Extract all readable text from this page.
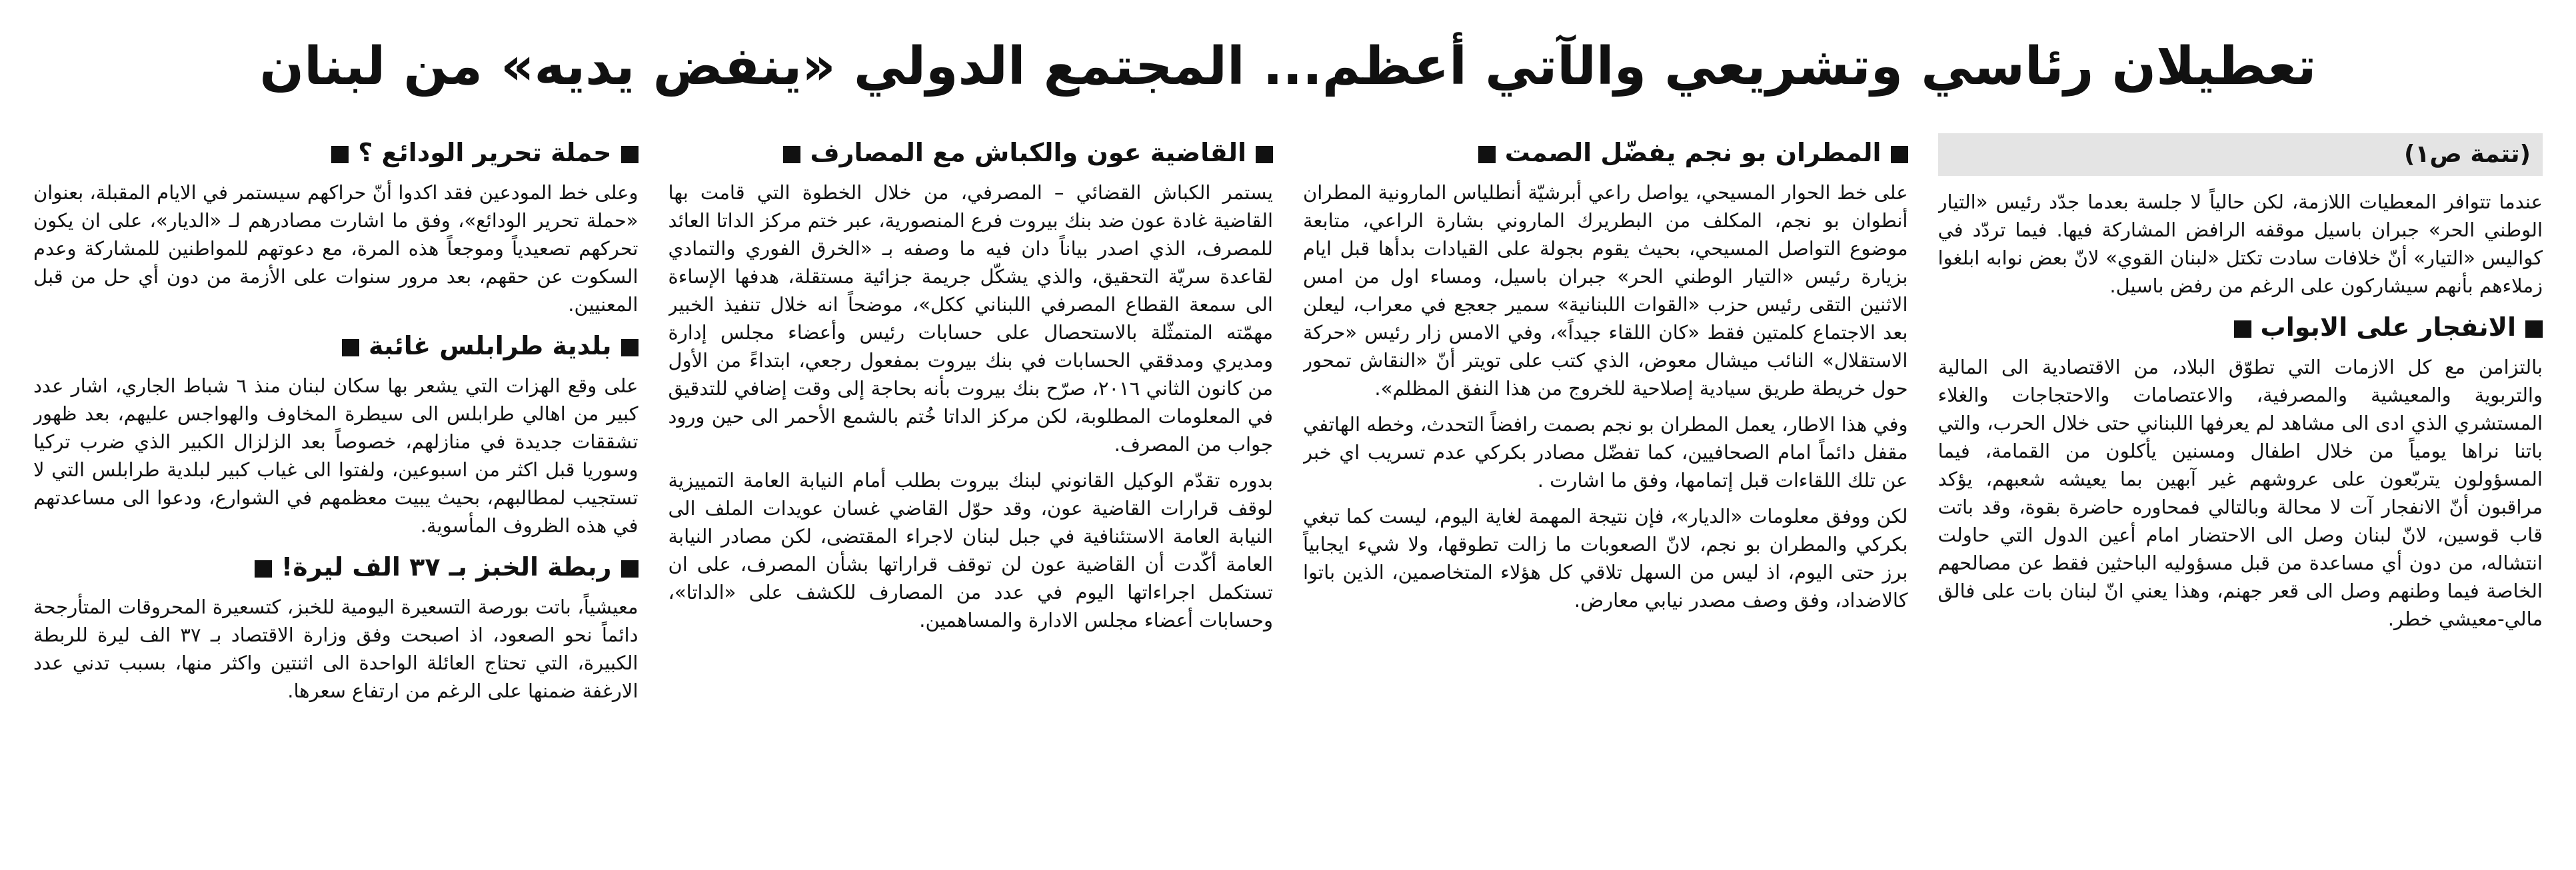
تعطيلان رئاسي وتشريعي والآتي أعظم... المجتمع الدولي «ينفض يديه» من لبنان
(تتمة ص١)

عندما تتوافر المعطيات اللازمة، لكن حالياً لا جلسة بعدما جدّد رئيس «التيار الوطني الحر» جبران باسيل موقفه الرافض المشاركة فيها. فيما تردّد في كواليس «التيار» أنّ خلافات سادت تكتل «لبنان القوي» لانّ بعض نوابه ابلغوا زملاءهم بأنهم سيشاركون على الرغم من رفض باسيل.

الانفجار على الابواب

بالتزامن مع كل الازمات التي تطوّق البلاد، من الاقتصادية الى المالية والتربوية والمعيشية والمصرفية، والاعتصامات والاحتجاجات والغلاء المستشري الذي ادى الى مشاهد لم يعرفها اللبناني حتى خلال الحرب، والتي باتنا نراها يومياً من خلال اطفال ومسنين يأكلون من القمامة، فيما المسؤولون يتربّعون على عروشهم غير آبهين بما يعيشه شعبهم، يؤكد مراقبون أنّ الانفجار آت لا محالة وبالتالي فمحاوره حاضرة بقوة، وقد باتت قاب قوسين، لانّ لبنان وصل الى الاحتضار امام أعين الدول التي حاولت انتشاله، من دون أي مساعدة من قبل مسؤوليه الباحثين فقط عن مصالحهم الخاصة فيما وطنهم وصل الى قعر جهنم، وهذا يعني انّ لبنان بات على فالق مالي-معيشي خطر.

المطران بو نجم يفضّل الصمت

على خط الحوار المسيحي، يواصل راعي أبرشيّة أنطلياس المارونية المطران أنطوان بو نجم، المكلف من البطريرك الماروني بشارة الراعي، متابعة موضوع التواصل المسيحي، بحيث يقوم بجولة على القيادات بدأها قبل ايام بزيارة رئيس «التيار الوطني الحر» جبران باسيل، ومساء اول من امس الاثنين التقى رئيس حزب «القوات اللبنانية» سمير جعجع في معراب، ليعلن بعد الاجتماع كلمتين فقط «كان اللقاء جيداً»، وفي الامس زار رئيس «حركة الاستقلال» النائب ميشال معوض، الذي كتب على تويتر أنّ «النقاش تمحور حول خريطة طريق سيادية إصلاحية للخروج من هذا النفق المظلم».

وفي هذا الاطار، يعمل المطران بو نجم بصمت رافضاً التحدث، وخطه الهاتفي مقفل دائماً امام الصحافيين، كما تفضّل مصادر بكركي عدم تسريب اي خبر عن تلك اللقاءات قبل إتمامها، وفق ما اشارت .

لكن ووفق معلومات «الديار»، فإن نتيجة المهمة لغاية اليوم، ليست كما تبغي بكركي والمطران بو نجم، لانّ الصعوبات ما زالت تطوقها، ولا شيء ايجابياً برز حتى اليوم، اذ ليس من السهل تلاقي كل هؤلاء المتخاصمين، الذين باتوا كالاضداد، وفق وصف مصدر نيابي معارض.

القاضية عون والكباش مع المصارف

يستمر الكباش القضائي – المصرفي، من خلال الخطوة التي قامت بها القاضية غادة عون ضد بنك بيروت فرع المنصورية، عبر ختم مركز الداتا العائد للمصرف، الذي اصدر بياناً دان فيه ما وصفه بـ «الخرق الفوري والتمادي لقاعدة سريّة التحقيق، والذي يشكّل جريمة جزائية مستقلة، هدفها الإساءة الى سمعة القطاع المصرفي اللبناني ككل»، موضحاً انه خلال تنفيذ الخبير مهمّته المتمثّلة بالاستحصال على حسابات رئيس وأعضاء مجلس إدارة ومديري ومدققي الحسابات في بنك بيروت بمفعول رجعي، ابتداءً من الأول من كانون الثاني ٢٠١٦، صرّح بنك بيروت بأنه بحاجة إلى وقت إضافي للتدقيق في المعلومات المطلوبة، لكن مركز الداتا خُتم بالشمع الأحمر الى حين ورود جواب من المصرف.

بدوره تقدّم الوكيل القانوني لبنك بيروت بطلب أمام النيابة العامة التمييزية لوقف قرارات القاضية عون، وقد حوّل القاضي غسان عويدات الملف الى النيابة العامة الاستئنافية في جبل لبنان لاجراء المقتضى، لكن مصادر النيابة العامة أكّدت أن القاضية عون لن توقف قراراتها بشأن المصرف، على ان تستكمل اجراءاتها اليوم في عدد من المصارف للكشف على «الداتا»، وحسابات أعضاء مجلس الادارة والمساهمين.

حملة تحرير الودائع ؟

وعلى خط المودعين فقد اكدوا أنّ حراكهم سيستمر في الايام المقبلة، بعنوان «حملة تحرير الودائع»، وفق ما اشارت مصادرهم لـ «الديار»، على ان يكون تحركهم تصعيدياً وموجعاً هذه المرة، مع دعوتهم للمواطنين للمشاركة وعدم السكوت عن حقهم، بعد مرور سنوات على الأزمة من دون أي حل من قبل المعنيين.

بلدية طرابلس غائبة

على وقع الهزات التي يشعر بها سكان لبنان منذ ٦ شباط الجاري، اشار عدد كبير من اهالي طرابلس الى سيطرة المخاوف والهواجس عليهم، بعد ظهور تشققات جديدة في منازلهم، خصوصاً بعد الزلزال الكبير الذي ضرب تركيا وسوريا قبل اكثر من اسبوعين، ولفتوا الى غياب كبير لبلدية طرابلس التي لا تستجيب لمطالبهم، بحيث يبيت معظمهم في الشوارع، ودعوا الى مساعدتهم في هذه الظروف المأسوية.

ربطة الخبز بـ ٣٧ الف ليرة!

معيشياً، باتت بورصة التسعيرة اليومية للخبز، كتسعيرة المحروقات المتأرجحة دائماً نحو الصعود، اذ اصبحت وفق وزارة الاقتصاد بـ ٣٧ الف ليرة للربطة الكبيرة، التي تحتاج العائلة الواحدة الى اثنتين واكثر منها، بسبب تدني عدد الارغفة ضمنها على الرغم من ارتفاع سعرها.
